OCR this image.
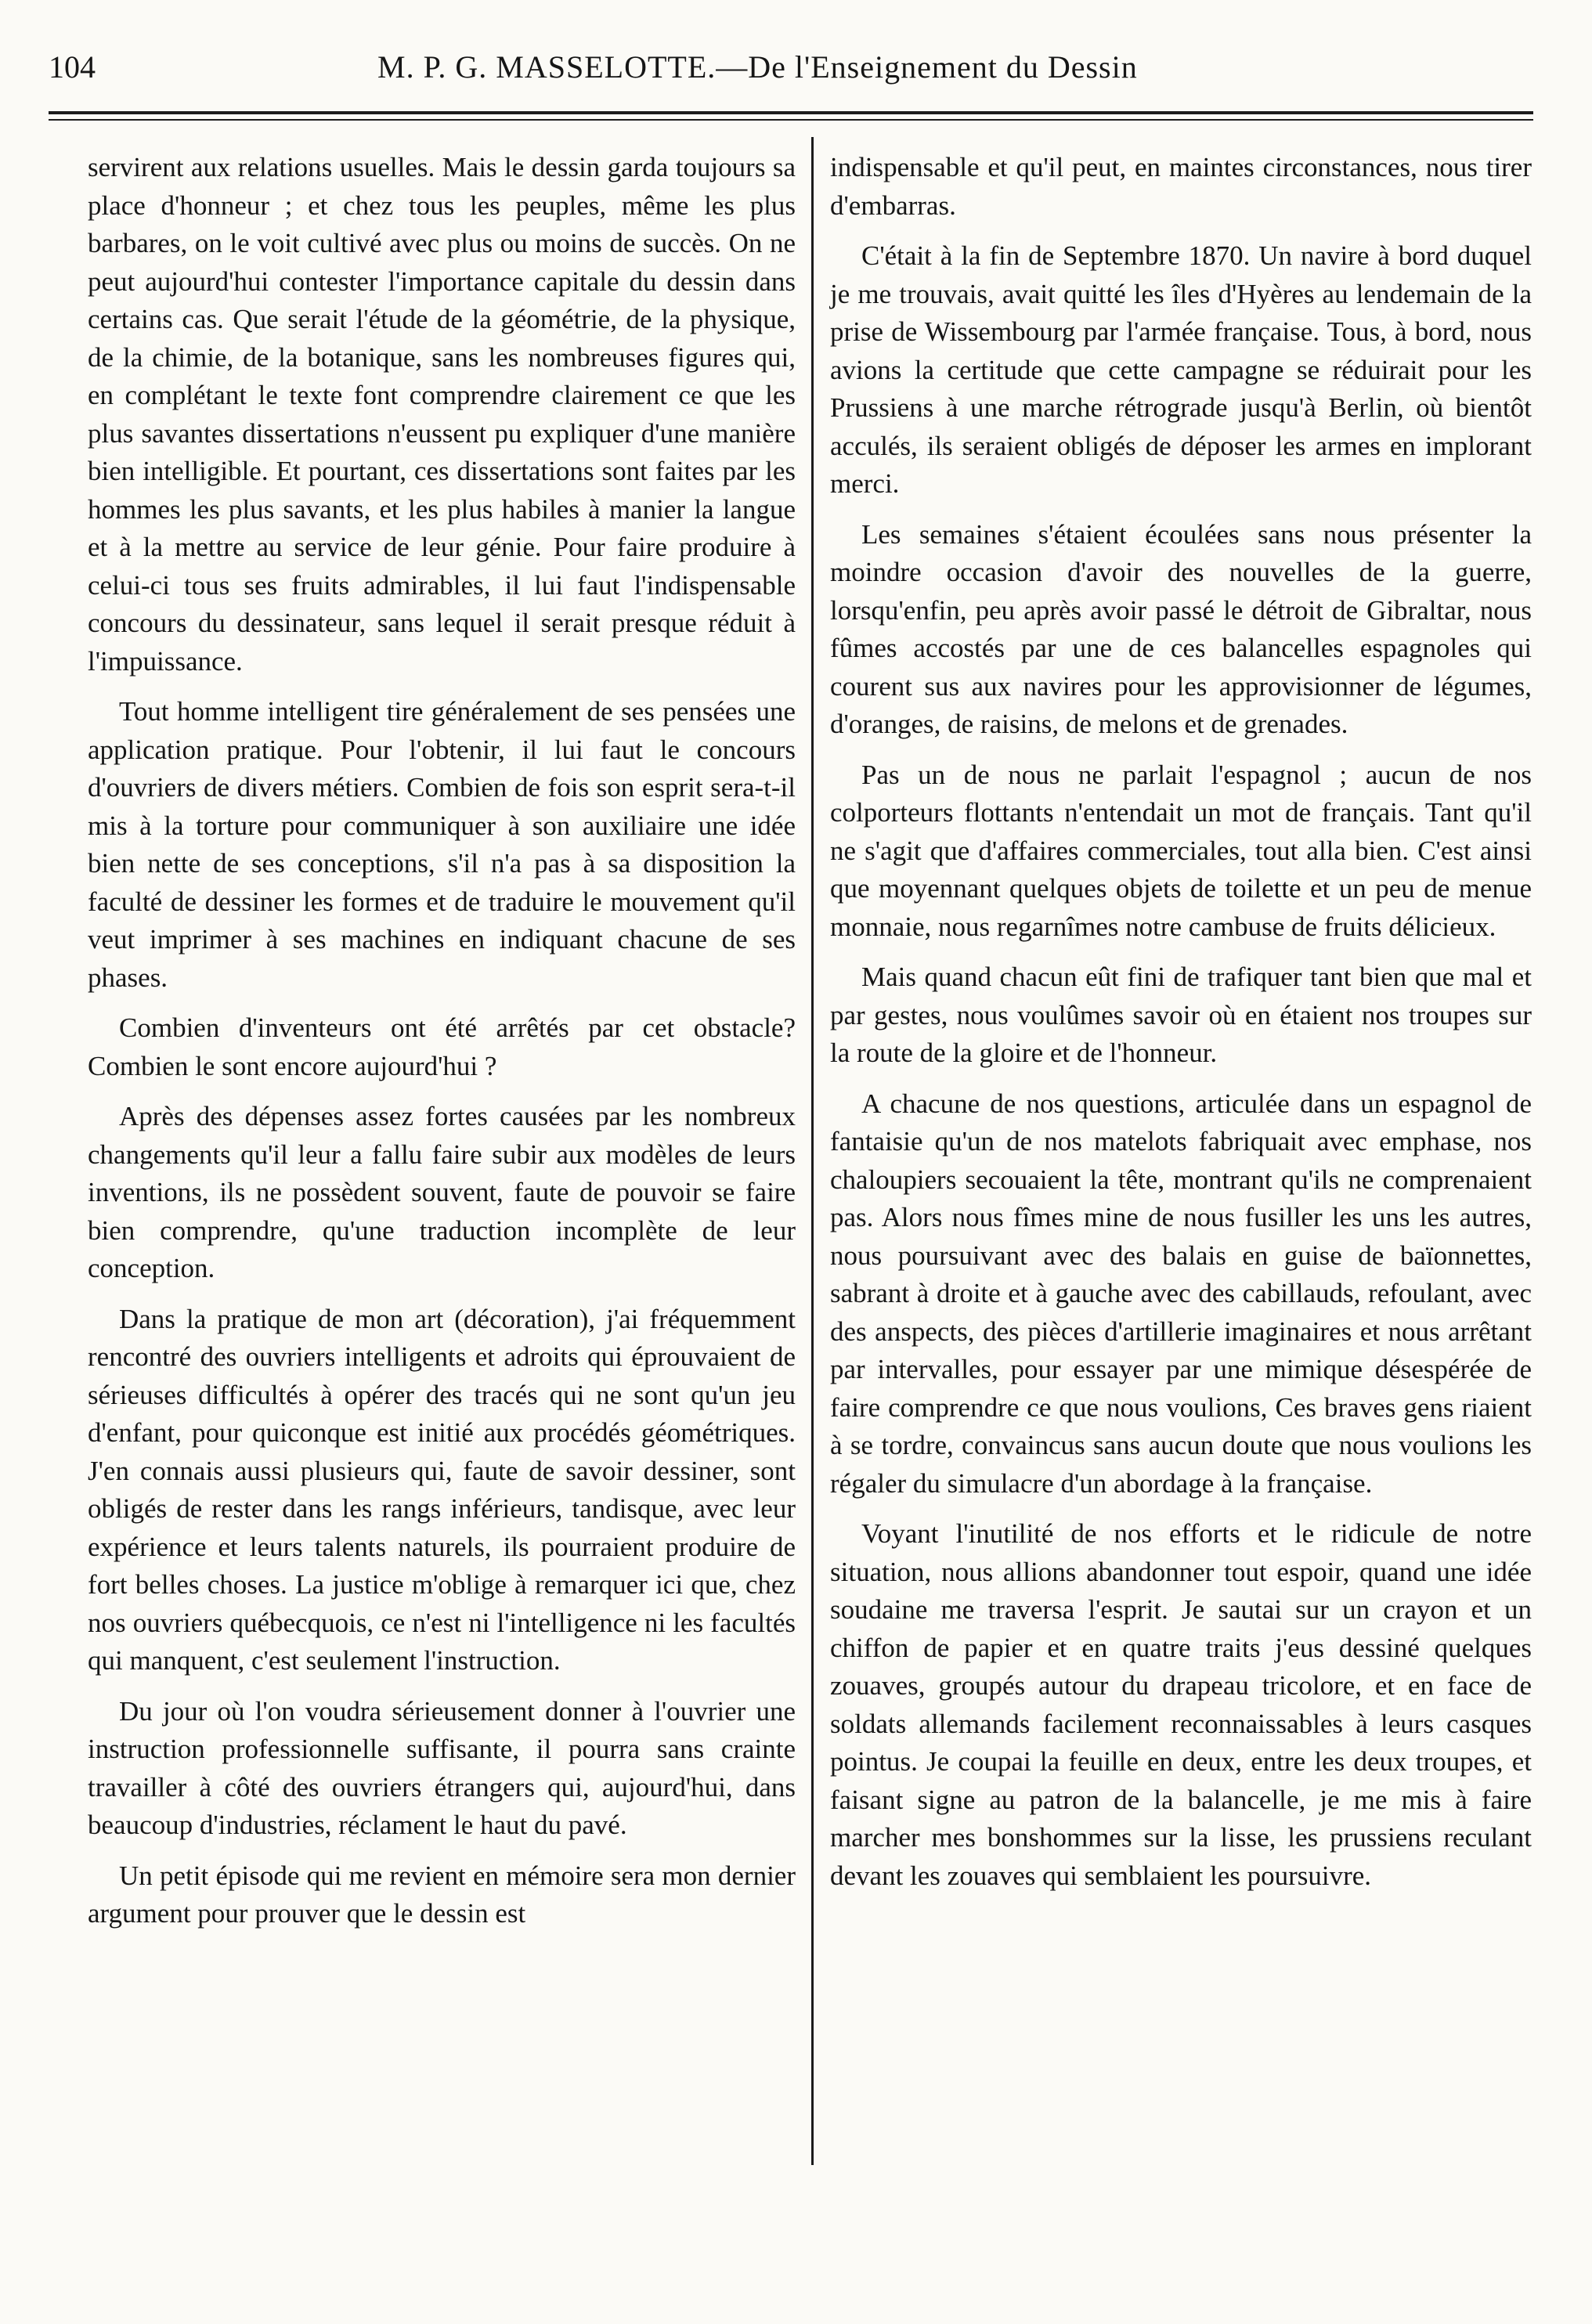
104	M. P. G. MASSELOTTE.—De l'Enseignement du Dessin

servirent aux relations usuelles. Mais le dessin garda toujours sa place d'honneur ; et chez tous les peuples, même les plus barbares, on le voit cultivé avec plus ou moins de succès. On ne peut aujourd'hui contester l'importance capitale du dessin dans certains cas. Que serait l'étude de la géométrie, de la physique, de la chimie, de la botanique, sans les nombreuses figures qui, en complétant le texte font comprendre clairement ce que les plus savantes dissertations n'eussent pu expliquer d'une manière bien intelligible. Et pourtant, ces dissertations sont faites par les hommes les plus savants, et les plus habiles à manier la langue et à la mettre au service de leur génie. Pour faire produire à celui-ci tous ses fruits admirables, il lui faut l'indispensable concours du dessinateur, sans lequel il serait presque réduit à l'impuissance.

Tout homme intelligent tire généralement de ses pensées une application pratique. Pour l'obtenir, il lui faut le concours d'ouvriers de divers métiers. Combien de fois son esprit sera-t-il mis à la torture pour communiquer à son auxiliaire une idée bien nette de ses conceptions, s'il n'a pas à sa disposition la faculté de dessiner les formes et de traduire le mouvement qu'il veut imprimer à ses machines en indiquant chacune de ses phases.

Combien d'inventeurs ont été arrêtés par cet obstacle? Combien le sont encore aujourd'hui ?

Après des dépenses assez fortes causées par les nombreux changements qu'il leur a fallu faire subir aux modèles de leurs inventions, ils ne possèdent souvent, faute de pouvoir se faire bien comprendre, qu'une traduction incomplète de leur conception.

Dans la pratique de mon art (décoration), j'ai fréquemment rencontré des ouvriers intelligents et adroits qui éprouvaient de sérieuses difficultés à opérer des tracés qui ne sont qu'un jeu d'enfant, pour quiconque est initié aux procédés géométriques. J'en connais aussi plusieurs qui, faute de savoir dessiner, sont obligés de rester dans les rangs inférieurs, tandisque, avec leur expérience et leurs talents naturels, ils pourraient produire de fort belles choses. La justice m'oblige à remarquer ici que, chez nos ouvriers québecquois, ce n'est ni l'intelligence ni les facultés qui manquent, c'est seulement l'instruction.

Du jour où l'on voudra sérieusement donner à l'ouvrier une instruction professionnelle suffisante, il pourra sans crainte travailler à côté des ouvriers étrangers qui, aujourd'hui, dans beaucoup d'industries, réclament le haut du pavé.

Un petit épisode qui me revient en mémoire sera mon dernier argument pour prouver que le dessin est

indispensable et qu'il peut, en maintes circonstances, nous tirer d'embarras.

C'était à la fin de Septembre 1870. Un navire à bord duquel je me trouvais, avait quitté les îles d'Hyères au lendemain de la prise de Wissembourg par l'armée française. Tous, à bord, nous avions la certitude que cette campagne se réduirait pour les Prussiens à une marche rétrograde jusqu'à Berlin, où bientôt acculés, ils seraient obligés de déposer les armes en implorant merci.

Les semaines s'étaient écoulées sans nous présenter la moindre occasion d'avoir des nouvelles de la guerre, lorsqu'enfin, peu après avoir passé le détroit de Gibraltar, nous fûmes accostés par une de ces balancelles espagnoles qui courent sus aux navires pour les approvisionner de légumes, d'oranges, de raisins, de melons et de grenades.

Pas un de nous ne parlait l'espagnol ; aucun de nos colporteurs flottants n'entendait un mot de français. Tant qu'il ne s'agit que d'affaires commerciales, tout alla bien. C'est ainsi que moyennant quelques objets de toilette et un peu de menue monnaie, nous regarnîmes notre cambuse de fruits délicieux.

Mais quand chacun eût fini de trafiquer tant bien que mal et par gestes, nous voulûmes savoir où en étaient nos troupes sur la route de la gloire et de l'honneur.

A chacune de nos questions, articulée dans un espagnol de fantaisie qu'un de nos matelots fabriquait avec emphase, nos chaloupiers secouaient la tête, montrant qu'ils ne comprenaient pas. Alors nous fîmes mine de nous fusiller les uns les autres, nous poursuivant avec des balais en guise de baïonnettes, sabrant à droite et à gauche avec des cabillauds, refoulant, avec des anspects, des pièces d'artillerie imaginaires et nous arrêtant par intervalles, pour essayer par une mimique désespérée de faire comprendre ce que nous voulions, Ces braves gens riaient à se tordre, convaincus sans aucun doute que nous voulions les régaler du simulacre d'un abordage à la française.

Voyant l'inutilité de nos efforts et le ridicule de notre situation, nous allions abandonner tout espoir, quand une idée soudaine me traversa l'esprit. Je sautai sur un crayon et un chiffon de papier et en quatre traits j'eus dessiné quelques zouaves, groupés autour du drapeau tricolore, et en face de soldats allemands facilement reconnaissables à leurs casques pointus. Je coupai la feuille en deux, entre les deux troupes, et faisant signe au patron de la balancelle, je me mis à faire marcher mes bonshommes sur la lisse, les prussiens reculant devant les zouaves qui semblaient les poursuivre.
